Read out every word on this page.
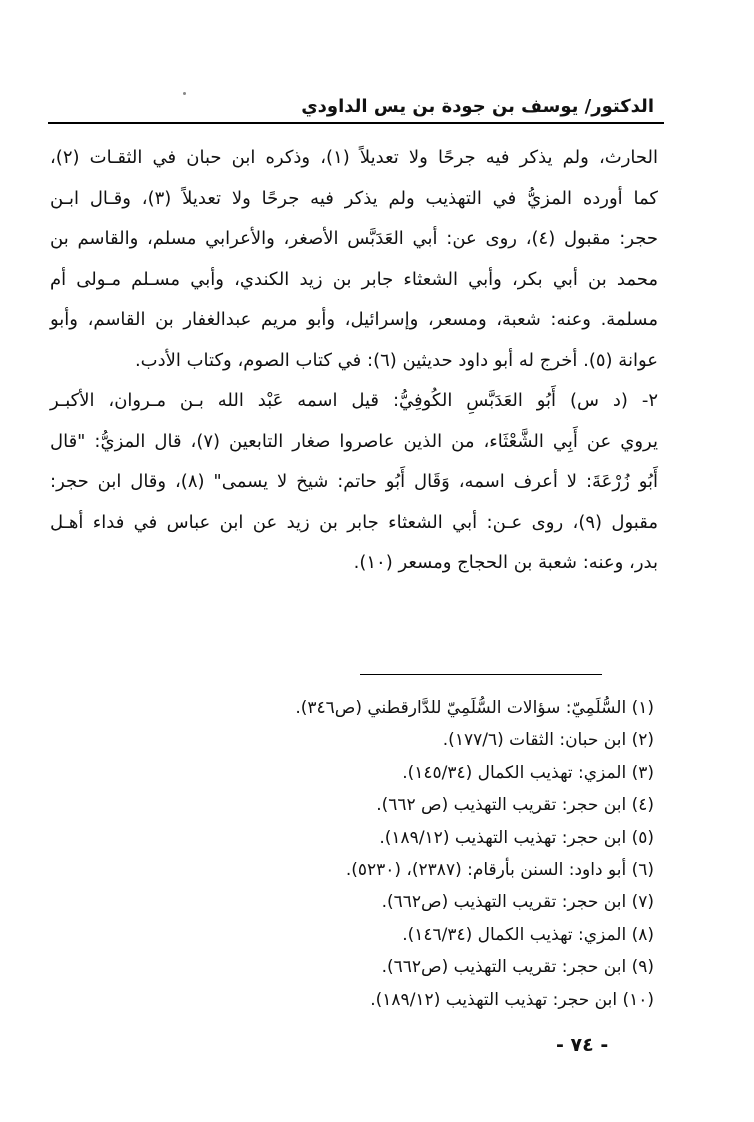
الدكتور/ يوسف بن جودة بن يس الداودي
الحارث، ولم يذكر فيه جرحًا ولا تعديلاً (١)، وذكره ابن حبان في الثقـات (٢)،
كما أورده المزيُّ في التهذيب ولم يذكر فيه جرحًا ولا تعديلاً (٣)، وقـال ابـن
حجر: مقبول (٤)، روى عن: أبي العَدَبَّس الأصغر، والأعرابي مسلم، والقاسم بن
محمد بن أبي بكر، وأبي الشعثاء جابر بن زيد الكندي، وأبي مسـلم مـولى أم
مسلمة. وعنه: شعبة، ومسعر، وإسرائيل، وأبو مريم عبدالغفار بن القاسم، وأبو
عوانة (٥). أخرج له أبو داود حديثين (٦): في كتاب الصوم، وكتاب الأدب.
٢- (د س) أَبُو العَدَبَّسِ الكُوفِيُّ: قيل اسمه عَبْد الله بـن مـروان، الأكبـر
يروي عن أَبِي الشَّعْثَاء، من الذين عاصروا صغار التابعين (٧)، قال المزيُّ: "قال
أَبُو زُرْعَةَ: لا أعرف اسمه، وَقَال أَبُو حاتم: شيخ لا يسمى" (٨)، وقال ابن حجر:
مقبول (٩)، روى عـن: أبي الشعثاء جابر بن زيد عن ابن عباس في فداء أهـل
بدر، وعنه: شعبة بن الحجاج ومسعر (١٠).
(١) السُّلَمِيّ: سؤالات السُّلَمِيّ للدَّارقطني (ص٣٤٦).
(٢) ابن حبان: الثقات (١٧٧/٦).
(٣) المزي: تهذيب الكمال (١٤٥/٣٤).
(٤) ابن حجر: تقريب التهذيب (ص ٦٦٢).
(٥) ابن حجر: تهذيب التهذيب (١٨٩/١٢).
(٦) أبو داود: السنن بأرقام: (٢٣٨٧)، (٥٢٣٠).
(٧) ابن حجر: تقريب التهذيب (ص٦٦٢).
(٨) المزي: تهذيب الكمال (١٤٦/٣٤).
(٩) ابن حجر: تقريب التهذيب (ص٦٦٢).
(١٠) ابن حجر: تهذيب التهذيب (١٨٩/١٢).
- ٧٤ -
